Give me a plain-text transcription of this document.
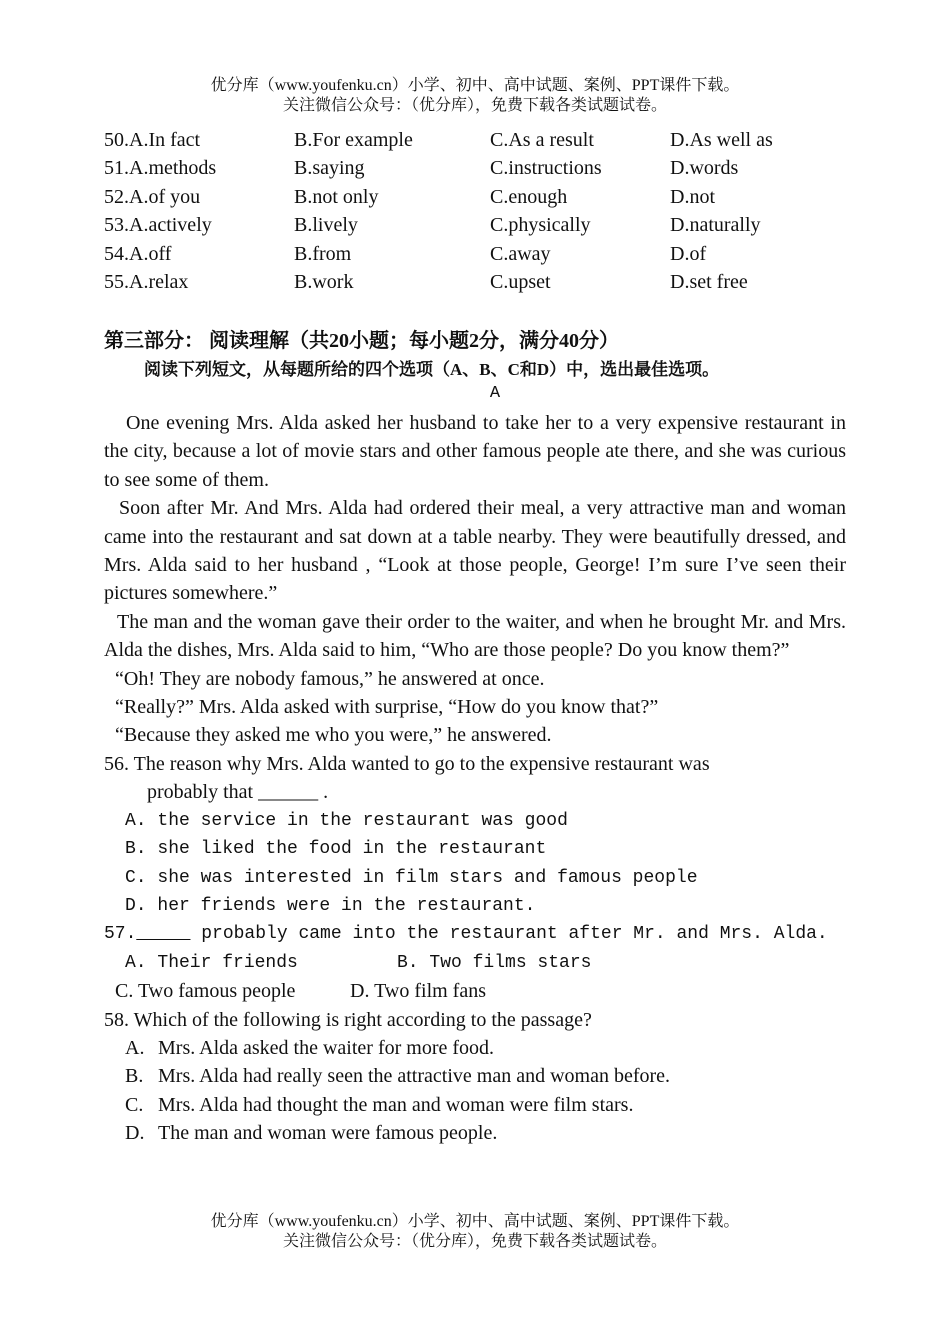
优分库（www.youfenku.cn）小学、初中、高中试题、案例、PPT课件下载。
关注微信公众号：（优分库），免费下载各类试题试卷。
50.A.In fact	B.For example	C.As a result	D.As well as
51.A.methods	B.saying	C.instructions	D.words
52.A.of you	B.not only	C.enough	D.not
53.A.actively	B.lively	C.physically	D.naturally
54.A.off	B.from	C.away	D.of
55.A.relax	B.work	C.upset	D.set free
第三部分： 阅读理解（共20小题；每小题2分，满分40分）
阅读下列短文，从每题所给的四个选项（A、B、C和D）中，选出最佳选项。
A

One evening Mrs. Alda asked her husband to take her to a very expensive restaurant in the city, because a lot of movie stars and other famous people ate there, and she was curious to see some of them.

Soon after Mr. And Mrs. Alda had ordered their meal, a very attractive man and woman came into the restaurant and sat down at a table nearby. They were beautifully dressed, and Mrs. Alda said to her husband , “Look at those people, George! I’m sure I’ve seen their pictures somewhere.”

The man and the woman gave their order to the waiter, and when he brought Mr. and Mrs. Alda the dishes, Mrs. Alda said to him, “Who are those people? Do you know them?”

“Oh! They are nobody famous,” he answered at once.

“Really?” Mrs. Alda asked with surprise, “How do you know that?”

“Because they asked me who you were,” he answered.

56. The reason why Mrs. Alda wanted to go to the expensive restaurant was
probably that ______ .

A. the service in the restaurant was good

B. she liked the food in the restaurant

C. she was interested in film stars and famous people

D. her friends were in the restaurant.

57._____ probably came into the restaurant after Mr. and Mrs. Alda.

A. Their friends	B. Two films stars

C. Two famous people	D. Two film fans

58. Which of the following is right according to the passage?

A. Mrs. Alda asked the waiter for more food.

B. Mrs. Alda had really seen the attractive man and woman before.

C. Mrs. Alda had thought the man and woman were film stars.

D. The man and woman were famous people.

优分库（www.youfenku.cn）小学、初中、高中试题、案例、PPT课件下载。
关注微信公众号：（优分库），免费下载各类试题试卷。
